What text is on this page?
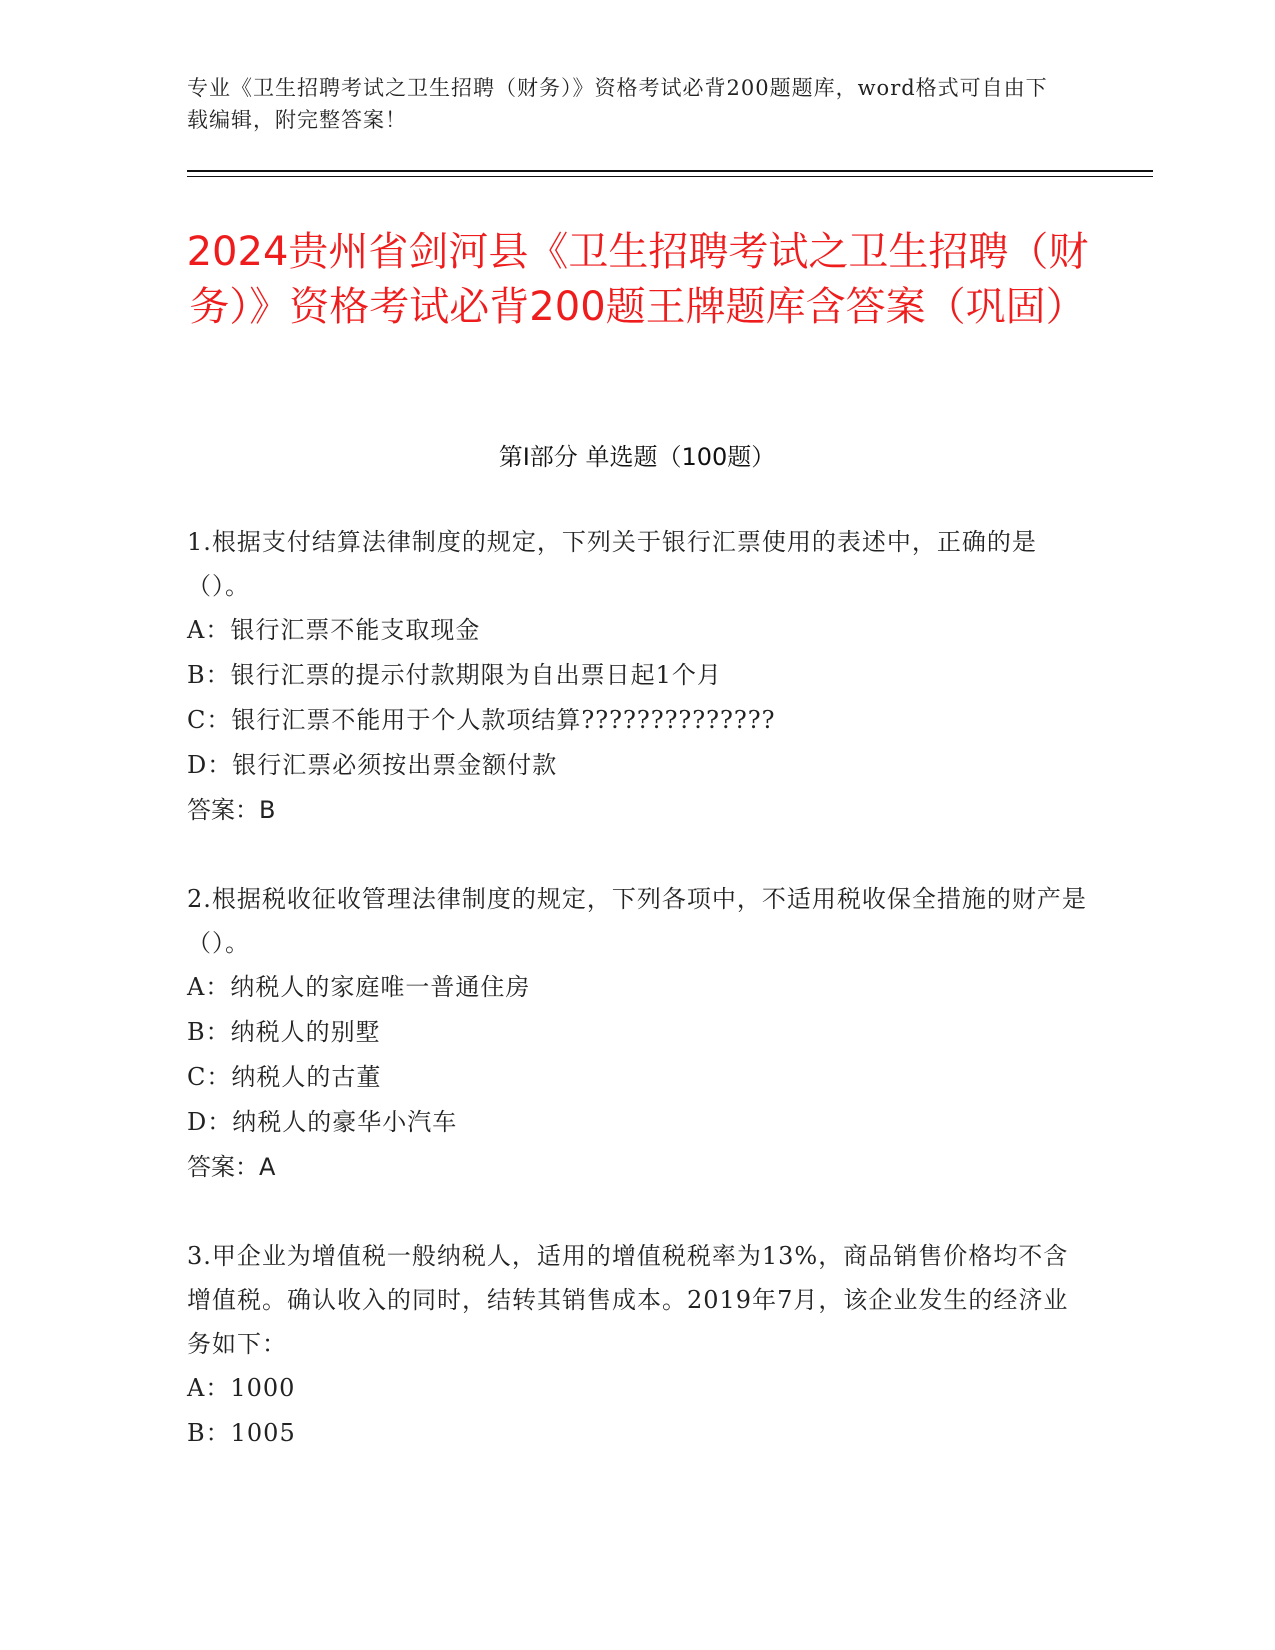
专业《卫生招聘考试之卫生招聘（财务）》资格考试必背200题题库，word格式可自由下载编辑，附完整答案！
2024贵州省剑河县《卫生招聘考试之卫生招聘（财务）》资格考试必背200题王牌题库含答案（巩固）
第Ⅰ部分 单选题（100题）
1.根据支付结算法律制度的规定，下列关于银行汇票使用的表述中，正确的是（）。
A：银行汇票不能支取现金
B：银行汇票的提示付款期限为自出票日起1个月
C：银行汇票不能用于个人款项结算??????????????
D：银行汇票必须按出票金额付款
答案：B
2.根据税收征收管理法律制度的规定，下列各项中，不适用税收保全措施的财产是（）。
A：纳税人的家庭唯一普通住房
B：纳税人的别墅
C：纳税人的古董
D：纳税人的豪华小汽车
答案：A
3.甲企业为增值税一般纳税人，适用的增值税税率为13%，商品销售价格均不含增值税。确认收入的同时，结转其销售成本。2019年7月，该企业发生的经济业务如下：
A：1000
B：1005
